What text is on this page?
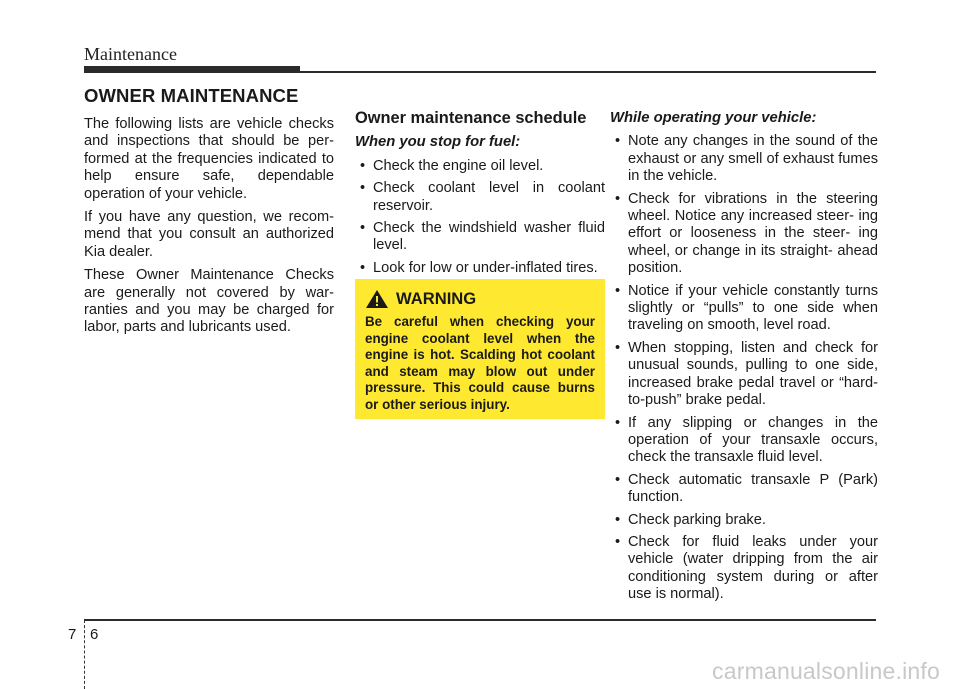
Maintenance
OWNER MAINTENANCE

The following lists are vehicle checks and inspections that should be per- formed at the frequencies indicated to help ensure safe, dependable operation of your vehicle.

If you have any question, we recom- mend that you consult an authorized Kia dealer.

These Owner Maintenance Checks are generally not covered by war- ranties and you may be charged for labor, parts and lubricants used.

Owner maintenance schedule
When you stop for fuel:
• Check the engine oil level.
• Check coolant level in coolant reservoir.
• Check the windshield washer fluid level.
• Look for low or under-inflated tires.
WARNING
Be careful when checking your engine coolant level when the engine is hot. Scalding hot coolant and steam may blow out under pressure. This could cause burns or other serious injury.
While operating your vehicle:
• Note any changes in the sound of the exhaust or any smell of exhaust fumes in the vehicle.
• Check for vibrations in the steering wheel. Notice any increased steer- ing effort or looseness in the steer- ing wheel, or change in its straight- ahead position.
• Notice if your vehicle constantly turns slightly or “pulls” to one side when traveling on smooth, level road.
• When stopping, listen and check for unusual sounds, pulling to one side, increased brake pedal travel or “hard-to-push” brake pedal.
• If any slipping or changes in the operation of your transaxle occurs, check the transaxle fluid level.
• Check automatic transaxle P (Park) function.
• Check parking brake.
• Check for fluid leaks under your vehicle (water dripping from the air conditioning system during or after use is normal).
7 6
carmanualsonline.info
